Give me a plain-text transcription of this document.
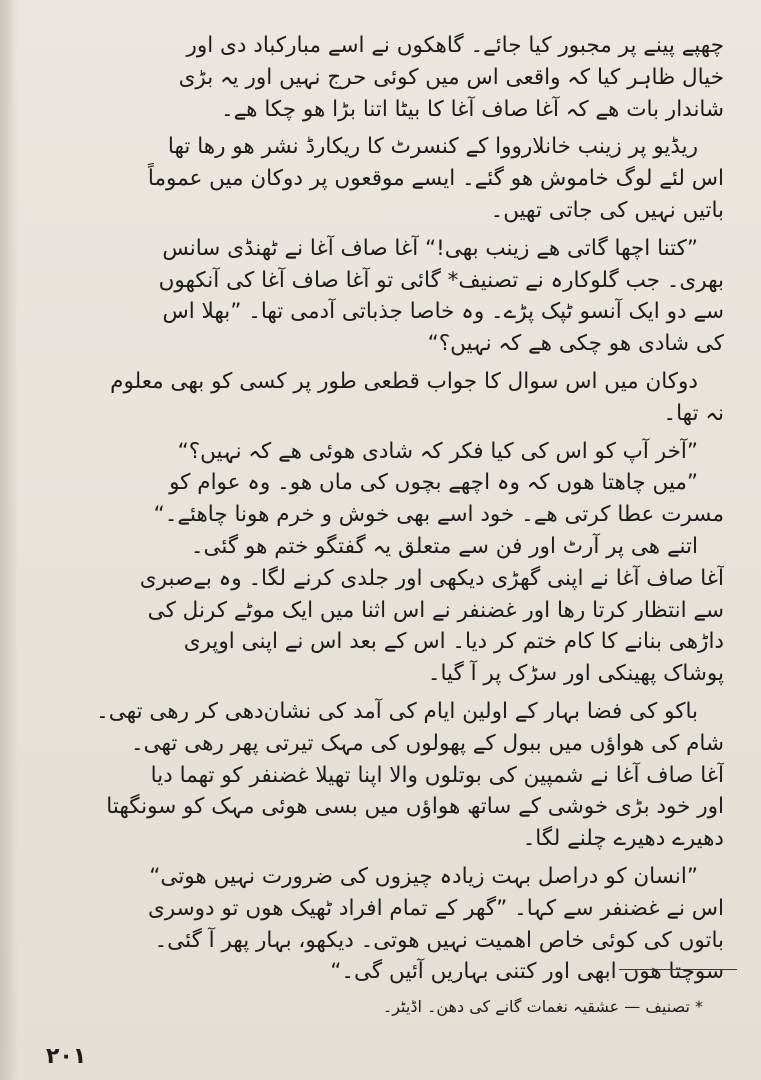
چھپے پینے پر مجبور کیا جائے۔ گاھکوں نے اسے مبارکباد دی اور
خیال ظاہر کیا کہ واقعی اس میں کوئی حرج نہیں اور یہ بڑی
شاندار بات ھے کہ آغا صاف آغا کا بیٹا اتنا بڑا ھو چکا ھے۔
ریڈیو پر زینب خانلاروو‌ا کے کنسرٹ کا ریکارڈ نشر ھو رھا تھا
اس لئے لوگ خاموش ھو گئے۔ ایسے موقعوں پر دوکان میں عموماً
باتیں نہیں کی جاتی تھیں۔
”کتنا اچھا گاتی ھے زینب بھی!“ آغا صاف آغا نے ٹھنڈی سانس
بھری۔ جب گلوکارہ نے تصنیف* گائی تو آغا صاف آغا کی آنکھوں
سے دو ایک آنسو ٹپک پڑے۔ وہ خاصا جذباتی آدمی تھا۔ ”بھلا اس
کی شادی ھو چکی ھے کہ نہیں؟“
دوکان میں اس سوال کا جواب قطعی طور پر کسی کو بھی معلوم
نہ تھا۔
”آخر آپ کو اس کی کیا فکر کہ شادی ھوئی ھے کہ نہیں؟“
”میں چاھتا ھوں کہ وہ اچھے بچوں کی ماں ھو۔ وہ عوام کو
مسرت عطا کرتی ھے۔ خود اسے بھی خوش و خرم ھونا چاھئے۔“
اتنے ھی پر آرٹ اور فن سے متعلق یہ گفتگو ختم ھو گئی۔
آغا صاف آغا نے اپنی گھڑی دیکھی اور جلدی کرنے لگا۔ وہ بےصبری
سے انتظار کرتا رھا اور غضنفر نے اس اثنا میں ایک موٹے کرنل کی
داڑھی بنانے کا کام ختم کر دیا۔ اس کے بعد اس نے اپنی اوپری
پوشاک پھینکی اور سڑک پر آ گیا۔
باکو کی فضا بہار کے اولین ایام کی آمد کی نشان‌دھی کر رھی تھی۔
شام کی ھواؤں میں ببول کے پھولوں کی مہک تیرتی پھر رھی تھی۔
آغا صاف آغا نے شمپین کی بوتلوں والا اپنا تھیلا غضنفر کو تھما دیا
اور خود بڑی خوشی کے ساتھ ھواؤں میں بسی ھوئی مہک کو سونگھتا
دھیرے دھیرے چلنے لگا۔
”انسان کو دراصل بہت زیادہ چیزوں کی ضرورت نہیں ھوتی“
اس نے غضنفر سے کہا۔ ”گھر کے تمام افراد ٹھیک ھوں تو دوسری
باتوں کی کوئی خاص اھمیت نہیں ھوتی۔ دیکھو، بہار پھر آ گئی۔
سوچتا ھوں ابھی اور کتنی بہاریں آئیں گی۔“
* تصنیف — عشقیہ نغمات گانے کی دھن۔ اڈیٹر۔
۲۰۱
